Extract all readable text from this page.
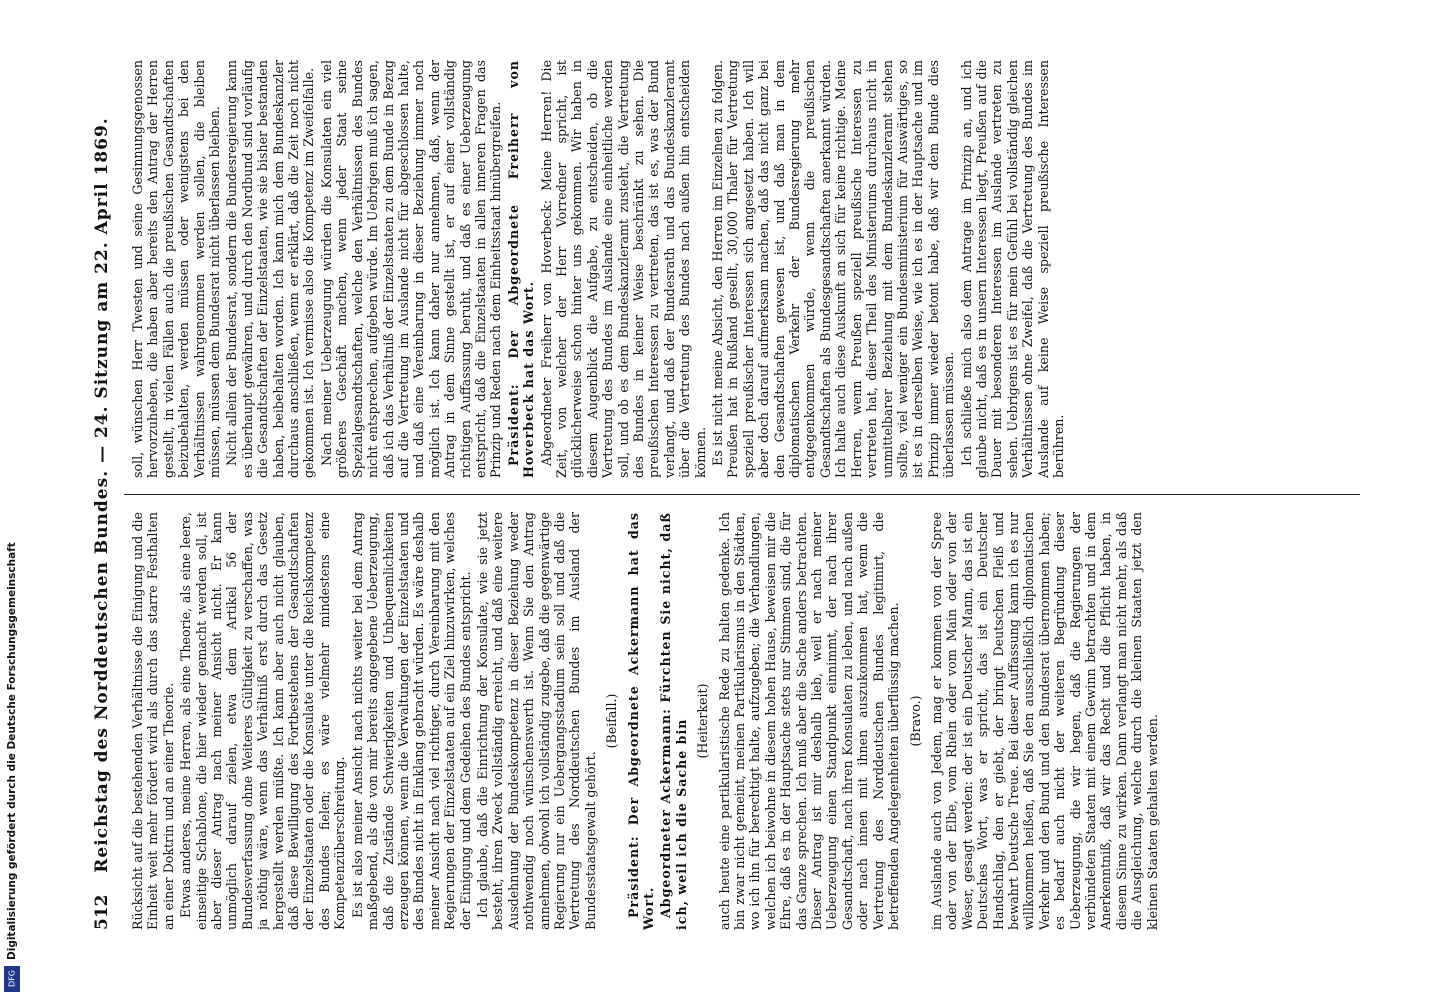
Digitalisierung gefördert durch die Deutsche Forschungsgemeinschaft
DFG
512
Reichstag des Norddeutschen Bundes. — 24. Sitzung am 22. April 1869. Rücksicht auf die bestehenden Verhältnisse die Einigung und die Einheit weit mehr fördert wird als durch das starre Festhalten an einer Doktrin und an einer Theorie. Etwas anderes, meine Herren, als eine Theorie, als eine leere, einseitige Schablone, die hier wieder gemacht werden soll, ist aber dieser Antrag nach meiner Ansicht nicht. Er kann unmöglich darauf zielen, etwa dem Artikel 56 der Bundesverfassung ohne Weiteres Gültigkeit zu verschaffen, was ja nöthig wäre, wenn das Verhältniß erst durch das Gesetz hergestellt werden müßte. Ich kann aber auch nicht glauben, daß diese Bewilligung des Fortbestehens der Gesandtschaften der Einzelstaaten oder die Konsulate unter die Reichskompetenz des Bundes fielen; es wäre vielmehr mindestens eine Kompetenzüberschreitung. Es ist also meiner Ansicht nach nichts weiter bei dem Antrag maßgebend, als die von mir bereits angegebene Ueberzeugung, daß die Zustände Schwierigkeiten und Unbequemlichkeiten erzeugen können, wenn die Verwaltungen der Einzelstaaten und des Bundes nicht in Einklang gebracht würden. Es wäre deshalb meiner Ansicht nach viel richtiger, durch Vereinbarung mit den Regierungen der Einzelstaaten auf ein Ziel hinzuwirken, welches der Einigung und dem Gedeihen des Bundes entspricht. Ich glaube, daß die Einrichtung der Konsulate, wie sie jetzt besteht, ihren Zweck vollständig erreicht, und daß eine weitere Ausdehnung der Bundeskompetenz in dieser Beziehung weder nothwendig noch wünschenswerth ist. Wenn Sie den Antrag annehmen, obwohl ich vollständig zugebe, daß die gegenwärtige Regierung nur ein Uebergangsstadium sein soll und daß die Vertretung des Norddeutschen Bundes im Ausland der Bundesstaatsgewalt gehört.

(Beifall.) Präsident: Der Abgeordnete Ackermann hat das Wort. Abgeordneter Ackermann: Fürchten Sie nicht, daß ich, weil ich die Sache bin (Heiterkeit) auch heute eine partikularistische Rede zu halten gedenke. Ich bin zwar nicht gemeint, meinen Partikularismus in den Städten, wo ich ihn für berechtigt halte, aufzugeben; die Verhandlungen, welchen ich beiwohne in diesem hohen Hause, beweisen mir die Ehre, daß es in der Hauptsache stets nur Stimmen sind, die für das Ganze sprechen. Ich muß aber die Sache anders betrachten. Dieser Antrag ist mir deshalb lieb, weil er nach meiner Ueberzeugung einen Standpunkt einnimmt, der nach ihrer Gesandtschaft, nach ihren Konsulaten zu leben, und nach außen oder nach innen mit ihnen auszukommen hat, wenn die Vertretung des Norddeutschen Bundes legitimirt, die betreffenden Angelegenheiten überflüssig machen. (Bravo.) im Auslande auch von Jedem, mag er kommen von der Spree oder von der Elbe, vom Rhein oder vom Main oder von der Weser, gesagt werden: der ist ein Deutscher Mann, das ist ein Deutsches Wort, was er spricht, das ist ein Deutscher Handschlag, den er giebt, der bringt Deutschen Fleiß und bewahrt Deutsche Treue. Bei dieser Auffassung kann ich es nur willkommen heißen, daß Sie den ausschließlich diplomatischen Verkehr und den Bund und den Bundesrat übernommen haben; es bedarf auch nicht der weiteren Begründung dieser Ueberzeugung, die wir hegen, daß die Regierungen der verbündeten Staaten mit einem Gewinn betrachten und in dem Anerkenntniß, daß wir das Recht und die Pflicht haben, in diesem Sinne zu wirken. Dann verlangt man nicht mehr, als daß die Ausgleichung, welche durch die kleinen Staaten jetzt den kleinen Staaten gehalten werden.

soll, wünschen Herr Twesten und seine Gesinnungsgenossen hervorzuheben, die haben aber bereits den Antrag der Herren gestellt, in vielen Fällen auch die preußischen Gesandtschaften beizubehalten, werden müssen oder wenigstens bei den Verhältnissen wahrgenommen werden sollen, die bleiben müssen, müssen dem Bundesrat nicht überlassen bleiben. Nicht allein der Bundesrat, sondern die Bundesregierung kann es überhaupt gewähren, und durch den Nordbund sind vorläufig die Gesandtschaften der Einzelstaaten, wie sie bisher bestanden haben, beibehalten worden. Ich kann mich dem Bundeskanzler durchaus anschließen, wenn er erklärt, daß die Zeit noch nicht gekommen ist. Ich vermisse also die Kompetenz im Zweifelfalle. Nach meiner Ueberzeugung würden die Konsulaten ein viel größeres Geschäft machen, wenn jeder Staat seine Spezialgesandtschaften, welche den Verhältnissen des Bundes nicht entsprechen, aufgeben würde. Im Uebrigen muß ich sagen, daß ich das Verhältniß der Einzelstaaten zu dem Bunde in Bezug auf die Vertretung im Auslande nicht für abgeschlossen halte, und daß eine Vereinbarung in dieser Beziehung immer noch möglich ist. Ich kann daher nur annehmen, daß, wenn der Antrag in dem Sinne gestellt ist, er auf einer vollständig richtigen Auffassung beruht, und daß es einer Ueberzeugung entspricht, daß die Einzelstaaten in allen inneren Fragen das Prinzip und Reden nach dem Einheitsstaat hinübergreifen. Präsident: Der Abgeordnete Freiherr von Hoverbeck hat das Wort. Abgeordneter Freiherr von Hoverbeck: Meine Herren! Die Zeit, von welcher der Herr Vorredner spricht, ist glücklicherweise schon hinter uns gekommen. Wir haben in diesem Augenblick die Aufgabe, zu entscheiden, ob die Vertretung des Bundes im Auslande eine einheitliche werden soll, und ob es dem Bundeskanzleramt zusteht, die Vertretung des Bundes in keiner Weise beschränkt zu sehen. Die preußischen Interessen zu vertreten, das ist es, was der Bund verlangt, und daß der Bundesrath und das Bundeskanzleramt über die Vertretung des Bundes nach außen hin entscheiden können. Es ist nicht meine Absicht, den Herren im Einzelnen zu folgen. Preußen hat in Rußland gesellt, 30,000 Thaler für Vertretung speziell preußischer Interessen sich angesetzt haben. Ich will aber doch darauf aufmerksam machen, daß das nicht ganz bei den Gesandtschaften gewesen ist, und daß man in dem diplomatischen Verkehr der Bundesregierung mehr entgegenkommen würde, wenn die preußischen Gesandtschaften als Bundesgesandtschaften anerkannt würden. Ich halte auch diese Auskunft an sich für keine richtige. Meine Herren, wenn Preußen speziell preußische Interessen zu vertreten hat, dieser Theil des Ministeriums durchaus nicht in unmittelbarer Beziehung mit dem Bundeskanzleramt stehen sollte, viel weniger ein Bundesministerium für Auswärtiges, so ist es in derselben Weise, wie ich es in der Hauptsache und im Prinzip immer wieder betont habe, daß wir dem Bunde dies überlassen müssen. Ich schließe mich also dem Antrage im Prinzip an, und ich glaube nicht, daß es in unsern Interessen liegt, Preußen auf die Dauer mit besonderen Interessen im Auslande vertreten zu sehen. Uebrigens ist es für mein Gefühl bei vollständig gleichen Verhältnissen ohne Zweifel, daß die Vertretung des Bundes im Auslande auf keine Weise speziell preußische Interessen berühren.
